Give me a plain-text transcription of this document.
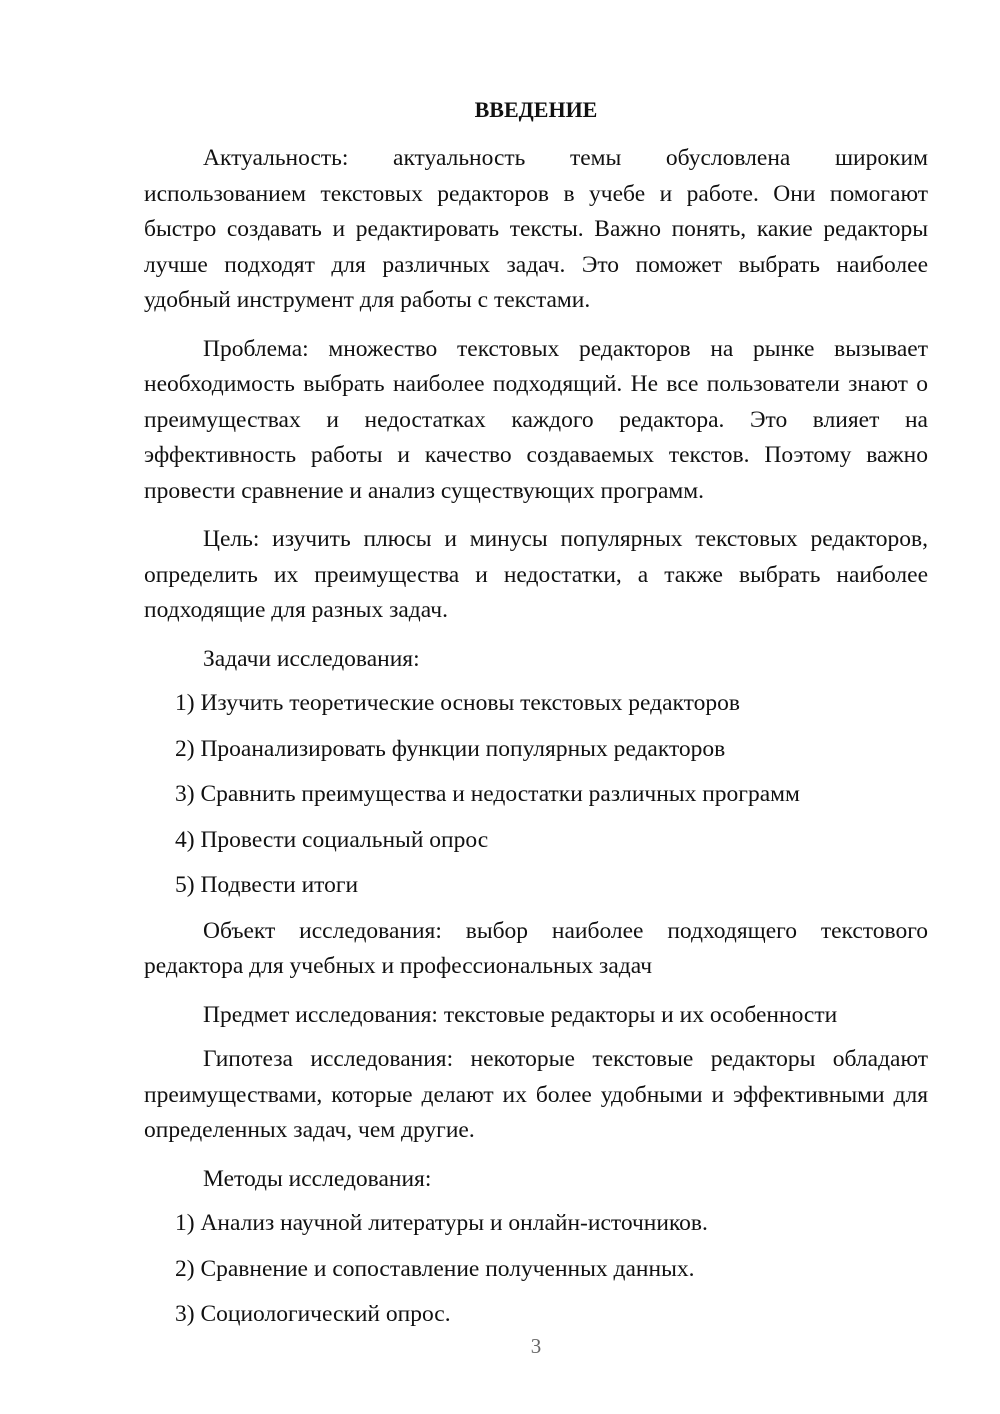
ВВЕДЕНИЕ

Актуальность: актуальность темы обусловлена широким использованием текстовых редакторов в учебе и работе. Они помогают быстро создавать и редактировать тексты. Важно понять, какие редакторы лучше подходят для различных задач. Это поможет выбрать наиболее удобный инструмент для работы с текстами.

Проблема: множество текстовых редакторов на рынке вызывает необходимость выбрать наиболее подходящий. Не все пользователи знают о преимуществах и недостатках каждого редактора. Это влияет на эффективность работы и качество создаваемых текстов. Поэтому важно провести сравнение и анализ существующих программ.

Цель: изучить плюсы и минусы популярных текстовых редакторов, определить их преимущества и недостатки, а также выбрать наиболее подходящие для разных задач.

Задачи исследования:

1) Изучить теоретические основы текстовых редакторов

2) Проанализировать функции популярных редакторов

3) Сравнить преимущества и недостатки различных программ

4) Провести социальный опрос

5) Подвести итоги

Объект исследования: выбор наиболее подходящего текстового редактора для учебных и профессиональных задач

Предмет исследования: текстовые редакторы и их особенности

Гипотеза исследования: некоторые текстовые редакторы обладают преимуществами, которые делают их более удобными и эффективными для определенных задач, чем другие.

Методы исследования:

1) Анализ научной литературы и онлайн-источников.

2) Сравнение и сопоставление полученных данных.

3) Социологический опрос.

3
